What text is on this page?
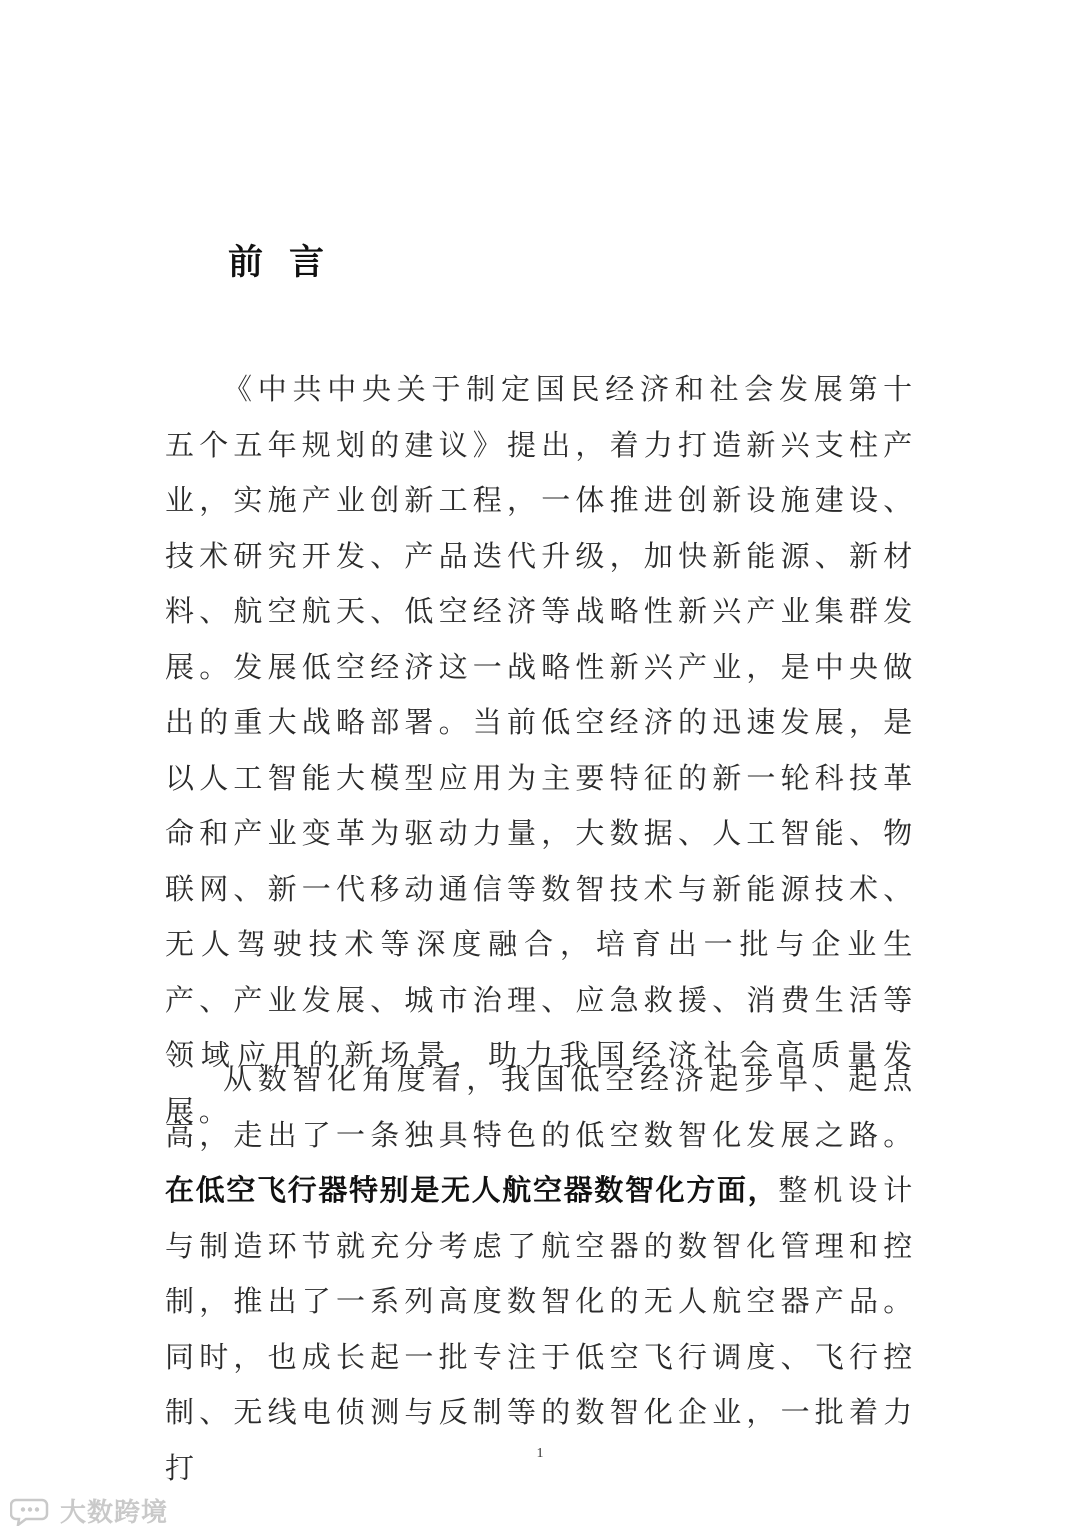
前言

《中共中央关于制定国民经济和社会发展第十五个五年规划的建议》提出，着力打造新兴支柱产业，实施产业创新工程，一体推进创新设施建设、技术研究开发、产品迭代升级，加快新能源、新材料、航空航天、低空经济等战略性新兴产业集群发展。发展低空经济这一战略性新兴产业，是中央做出的重大战略部署。当前低空经济的迅速发展，是以人工智能大模型应用为主要特征的新一轮科技革命和产业变革为驱动力量，大数据、人工智能、物联网、新一代移动通信等数智技术与新能源技术、无人驾驶技术等深度融合，培育出一批与企业生产、产业发展、城市治理、应急救援、消费生活等领域应用的新场景，助力我国经济社会高质量发展。

从数智化角度看，我国低空经济起步早、起点高，走出了一条独具特色的低空数智化发展之路。在低空飞行器特别是无人航空器数智化方面，整机设计与制造环节就充分考虑了航空器的数智化管理和控制，推出了一系列高度数智化的无人航空器产品。同时，也成长起一批专注于低空飞行调度、飞行控制、无线电侦测与反制等的数智化企业，一批着力打	1
大数跨境
